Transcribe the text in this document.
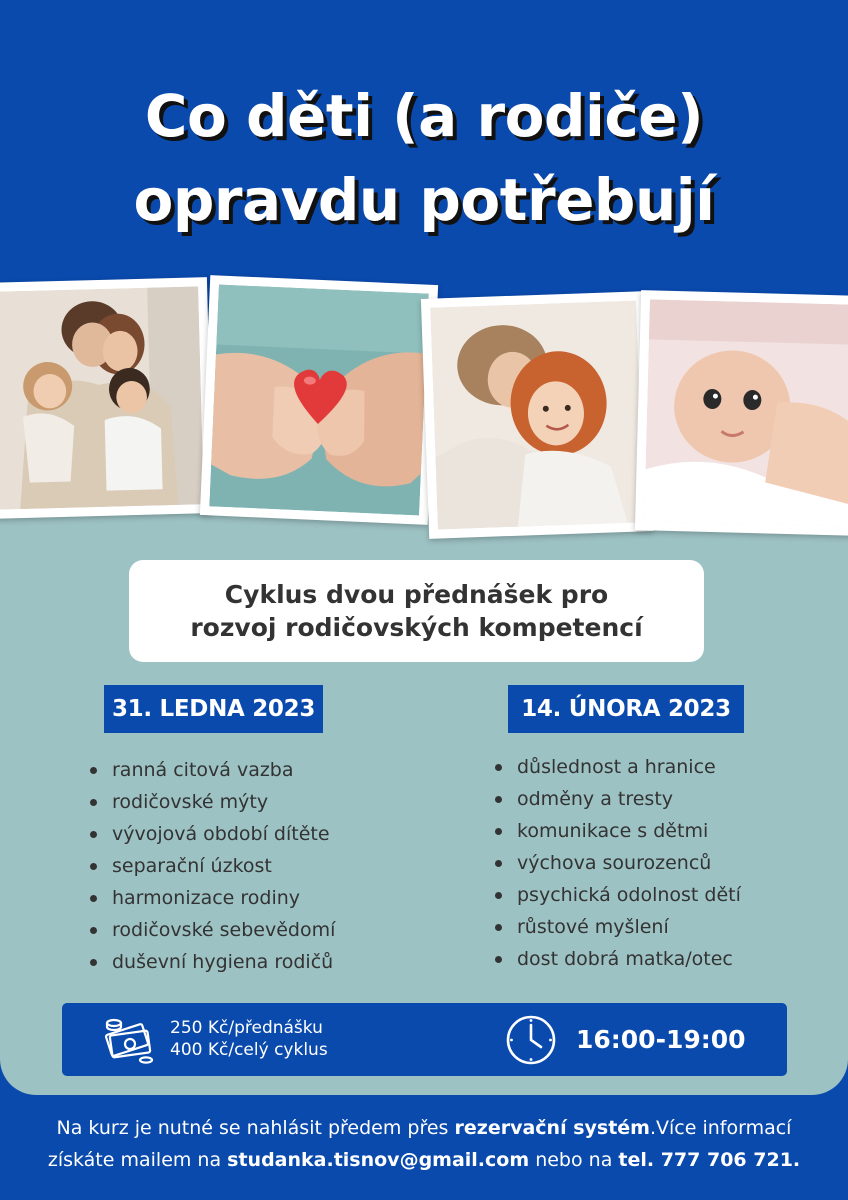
Co děti (a rodiče)
opravdu potřebují
Cyklus dvou přednášek pro
rozvoj rodičovských kompetencí
31. LEDNA 2023	14. ÚNORA 2023
ranná citová vazba
rodičovské mýty
vývojová období dítěte
separační úzkost
harmonizace rodiny
rodičovské sebevědomí
duševní hygiena rodičů
důslednost a hranice
odměny a tresty
komunikace s dětmi
výchova sourozenců
psychická odolnost dětí
růstové myšlení
dost dobrá matka/otec
250 Kč/přednášku
400 Kč/celý cyklus	16:00-19:00
Na kurz je nutné se nahlásit předem přes rezervační systém.Více informací
získáte mailem na studanka.tisnov@gmail.com nebo na tel. 777 706 721.
